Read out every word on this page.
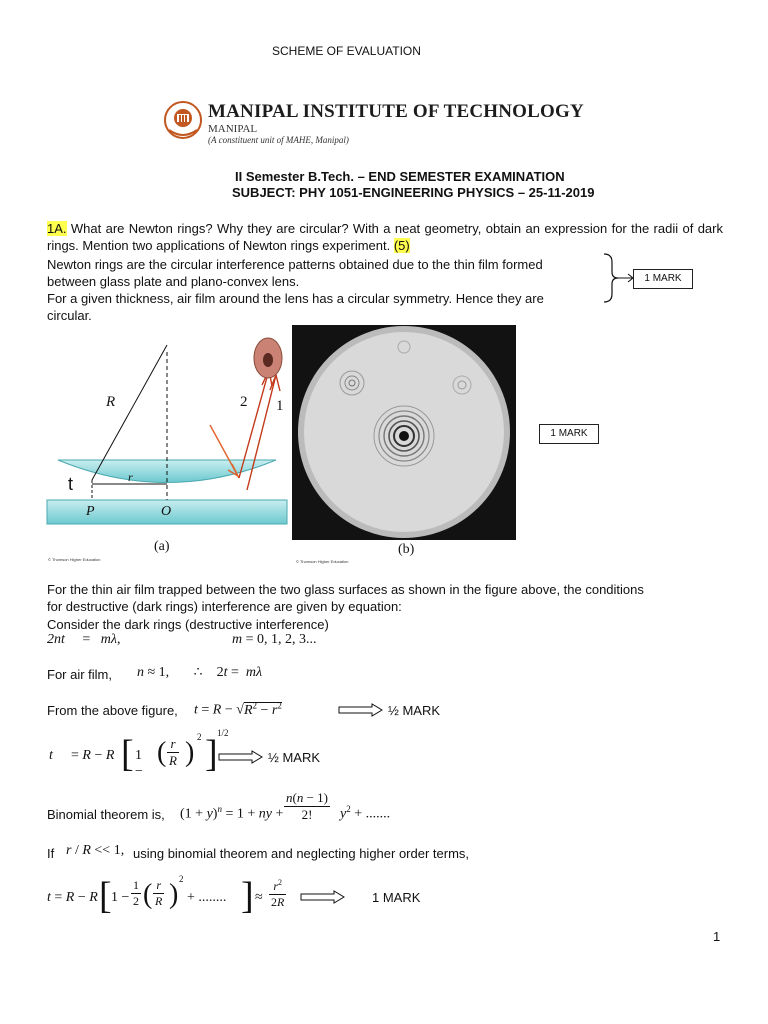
SCHEME OF EVALUATION
MANIPAL INSTITUTE OF TECHNOLOGY
MANIPAL
(A constituent unit of MAHE, Manipal)
II Semester B.Tech. – END SEMESTER EXAMINATION
SUBJECT: PHY 1051-ENGINEERING PHYSICS – 25-11-2019
1A. What are Newton rings? Why they are circular? With a neat geometry, obtain an expression for the radii of dark rings. Mention two applications of Newton rings experiment. (5)
Newton rings are the circular interference patterns obtained due to the thin film formed
between glass plate and plano-convex lens.
For a given thickness, air film around the lens has a circular symmetry. Hence they are
circular.
1 MARK
R
r
t
P	O
2 1
(a)
© Thomson Higher Education
(b)
© Thomson Higher Education
1 MARK
For the thin air film trapped between the two glass surfaces as shown in the figure above, the conditions
for destructive (dark rings) interference are given by equation:
Consider the dark rings (destructive interference)
2nt     =   mλ,	m = 0, 1, 2, 3...
For air film, n ≈ 1,       ∴    2t =  mλ
From the above figure, $t = R - √R^2 - r^2$	½ MARK
t = R − R [ 1 −
( $\frac{r}{R}$ ) 2 ] 1/2
½ MARK
Binomial theorem is, $(1 + y)^n = 1$ + ny + $\frac{n(n - 1)}{2!} y^2$ + .......
If r / R << 1, using binomial theorem and neglecting higher order terms,
t = R − R [ $1 - \frac{1}{2}$ ( $\frac{r}{R}$ ) 2
+ ........ ] ≈ $\frac{r^2}{2R}$	1 MARK
1
